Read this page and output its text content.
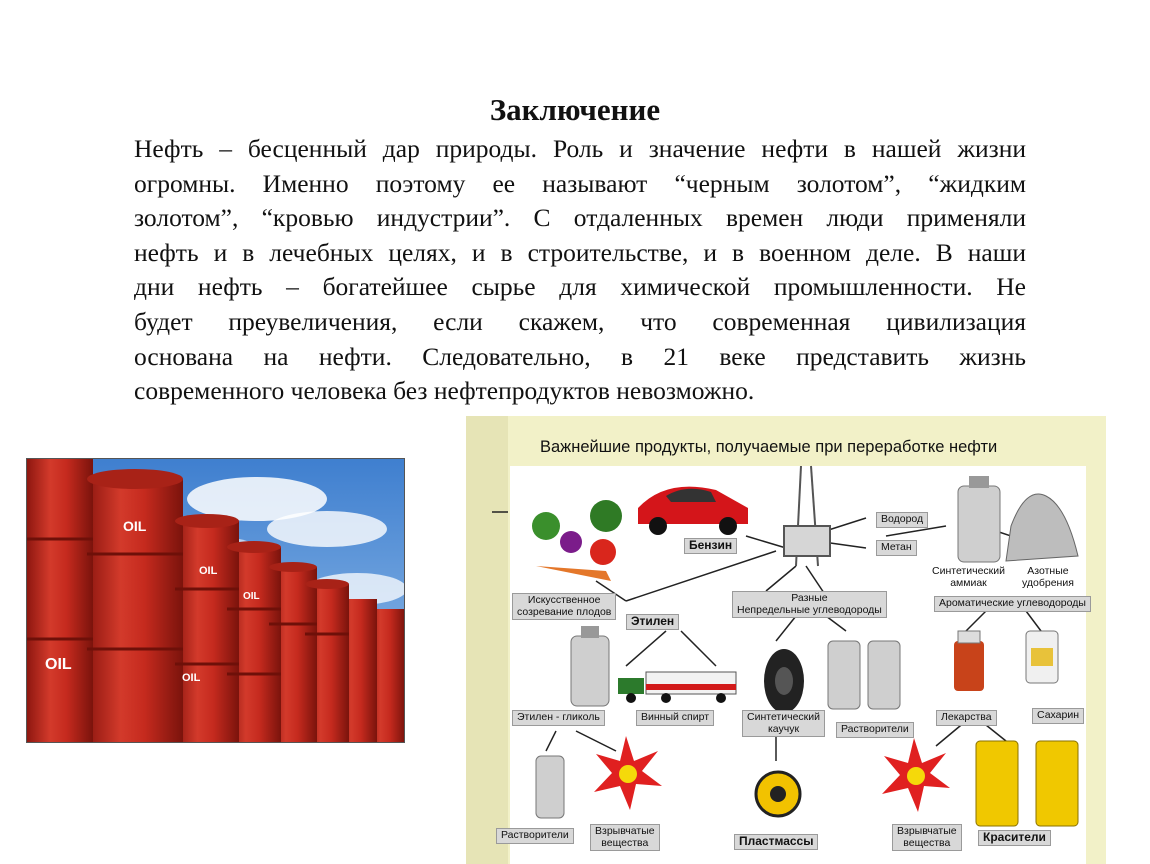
Заключение
Нефть – бесценный дар природы. Роль и значение нефти в нашей жизни
огромны. Именно поэтому ее называют “черным золотом”, “жидким
золотом”, “кровью индустрии”. С отдаленных времен люди применяли
нефть и в лечебных целях, и в строительстве, и в военном деле. В наши
дни нефть – богатейшее сырье для химической промышленности. Не
будет преувеличения, если скажем, что современная цивилизация
основана на нефти. Следовательно, в 21 веке представить жизнь
современного человека без нефтепродуктов невозможно.
OIL
OIL
OIL
OIL
OIL
Важнейшие продукты, получаемые при переработке нефти
Бензин
Водород
Метан
Синтетический
аммиак
Азотные
удобрения
Искусственное
созревание плодов
Разные
Непредельные углеводороды
Ароматические углеводороды
Этилен
Этилен - гликоль	Винный спирт	Синтетический
каучук	Растворители
Лекарства	Сахарин
Растворители	Взрывчатые
вещества	Пластмассы
Взрывчатые
вещества	Красители
